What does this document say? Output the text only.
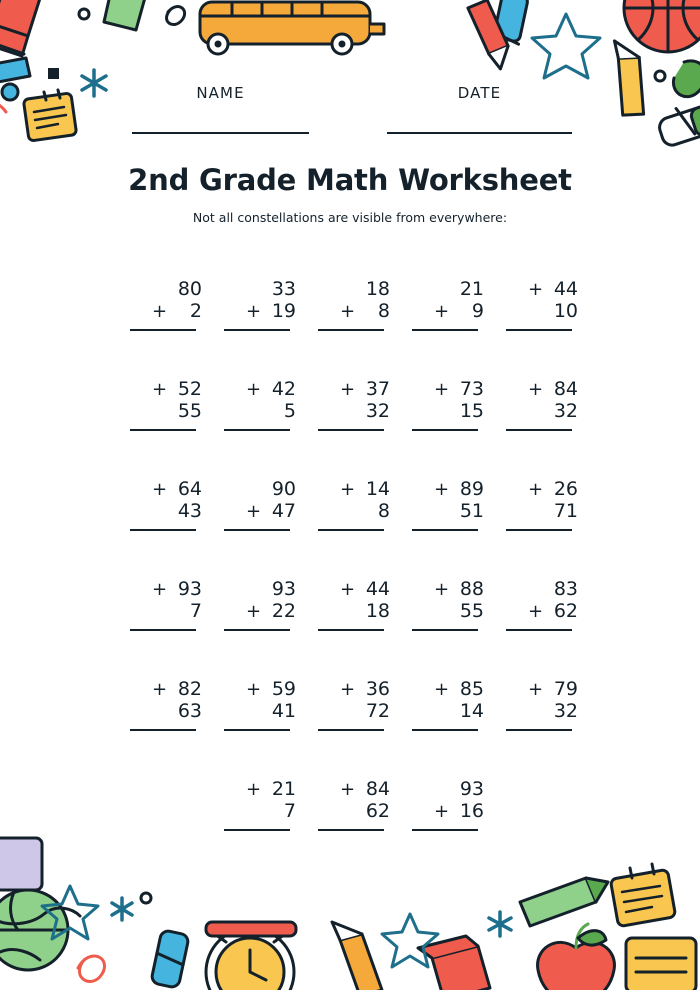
NAME	DATE
2nd Grade Math Worksheet
Not all constellations are visible from everywhere:
80
+	2
33
+ 19
18
+	8
21
+	9
+ 44
10
+ 52
55
+ 42
5
+ 37
32
+ 73
15
+ 84
32
+ 64
43
90
+ 47
+ 14
8
+ 89
51
+ 26
71
+ 93
7
93
+ 22
+ 44
18
+ 88
55
83
+ 62
+ 82
63
+ 59
41
+ 36
72
+ 85
14
+ 79
32
+ 21
7
+ 84
62
93
+ 16
